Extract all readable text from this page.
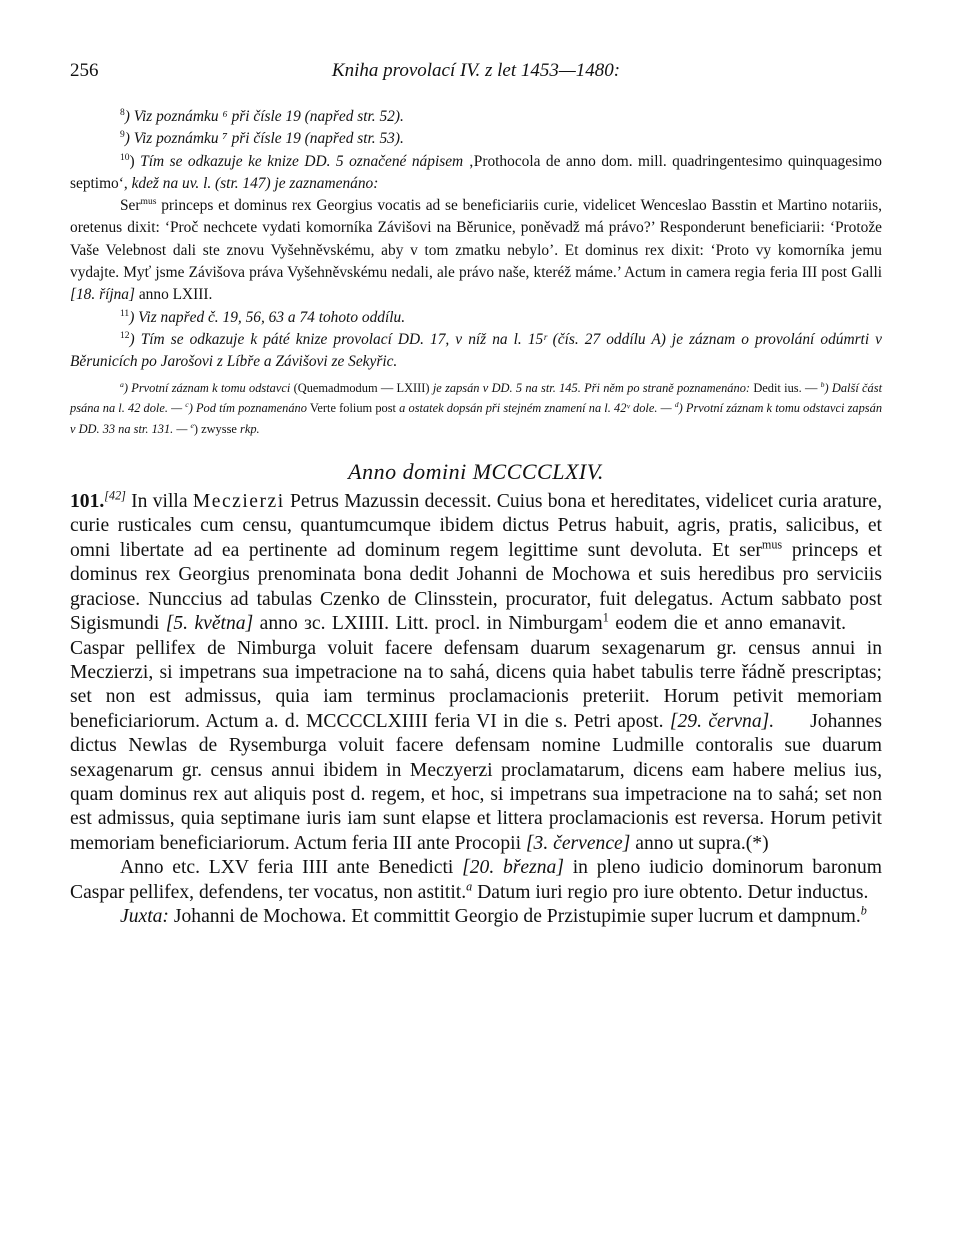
256	Kniha provolací IV. z let 1453—1480:

$^8$) Viz poznámku ⁶ při čísle 19 (napřed str. 52).

$^9$) Viz poznámku ⁷ při čísle 19 (napřed str. 53).

$^{10}$) Tím se odkazuje ke knize DD. 5 označené nápisem ‚Prothocola de anno dom. mill. quadringentesimo quinquagesimo septimo‘, kdež na uv. l. (str. 147) je zaznamenáno:

Ser$^{mus}$ princeps et dominus rex Georgius vocatis ad se beneficiariis curie, videlicet Wenceslao Basstin et Martino notariis, oretenus dixit: ‘Proč nechcete vydati komorníka Závišovi na Běrunice, poněvadž má právo?’ Responderunt beneficiarii: ‘Protože Vaše Velebnost dali ste znovu Vyšehněvskému, aby v tom zmatku nebylo’. Et dominus rex dixit: ‘Proto vy komorníka jemu vydajte. Myť jsme Závišova práva Vyšehněvskému nedali, ale právo naše, kteréž máme.’ Actum in camera regia feria III post Galli [18. října] anno LXIII.

$^{11}$) Viz napřed č. 19, 56, 63 a 74 tohoto oddílu.

$^{12}$) Tím se odkazuje k páté knize provolací DD. 17, v níž na l. 15ʳ (čís. 27 oddílu A) je záznam o provolání odúmrti v Běrunicích po Jarošovi z Líbře a Závišovi ze Sekyřic.

$^a$) Prvotní záznam k tomu odstavci (Quemadmodum — LXIII) je zapsán v DD. 5 na str. 145. Při něm po straně poznamenáno: Dedit ius. — $^b$) Další část psána na l. 42 dole. — $^c$) Pod tím poznamenáno Verte folium post a ostatek dopsán při stejném znamení na l. 42ᵛ dole. — $^d$) Prvotní záznam k tomu odstavci zapsán v DD. 33 na str. 131. — $^e$) zwysse rkp.

Anno domini MCCCCLXIV.

101.[42] In villa Meczierzi Petrus Mazussin decessit. Cuius bona et hereditates, videlicet curia arature, curie rusticales cum censu, quantumcumque ibidem dictus Petrus habuit, agris, pratis, salicibus, et omni libertate ad ea pertinente ad dominum regem legittime sunt devoluta. Et ser$^{mus}$ princeps et dominus rex Georgius prenominata bona dedit Johanni de Mochowa et suis heredibus pro serviciis graciose. Nunccius ad tabulas Czenko de Clinsstein, procurator, fuit delegatus. Actum sabbato post Sigismundi [5. května] anno зc. LXIIII. Litt. procl. in Nimburgam$^1$ eodem die et anno emanavit.Caspar pellifex de Nimburga voluit facere defensam duarum sexagenarum gr. census annui in Meczierzi, si impetrans sua impetracione na to sahá, dicens quia habet tabulis terre řádně prescriptas; set non est admissus, quia iam terminus proclamacionis preteriit. Horum petivit memoriam beneficiariorum. Actum a. d. MCCCCLXIIII feria VI in die s. Petri apost. [29. června]. Johannes dictus Newlas de Rysemburga voluit facere defensam nomine Ludmille contoralis sue duarum sexagenarum gr. census annui ibidem in Meczyerzi proclamatarum, dicens eam habere melius ius, quam dominus rex aut aliquis post d. regem, et hoc, si impetrans sua impetracione na to sahá; set non est admissus, quia septimane iuris iam sunt elapse et littera proclamacionis est reversa. Horum petivit memoriam beneficiariorum. Actum feria III ante Procopii [3. července] anno ut supra.(*)

Anno etc. LXV feria IIII ante Benedicti [20. března] in pleno iudicio dominorum baronum Caspar pellifex, defendens, ter vocatus, non astitit.$^a$ Datum iuri regio pro iure obtento. Detur inductus.

Juxta: Johanni de Mochowa. Et committit Georgio de Przistupimie super lucrum et dampnum.$^b$
